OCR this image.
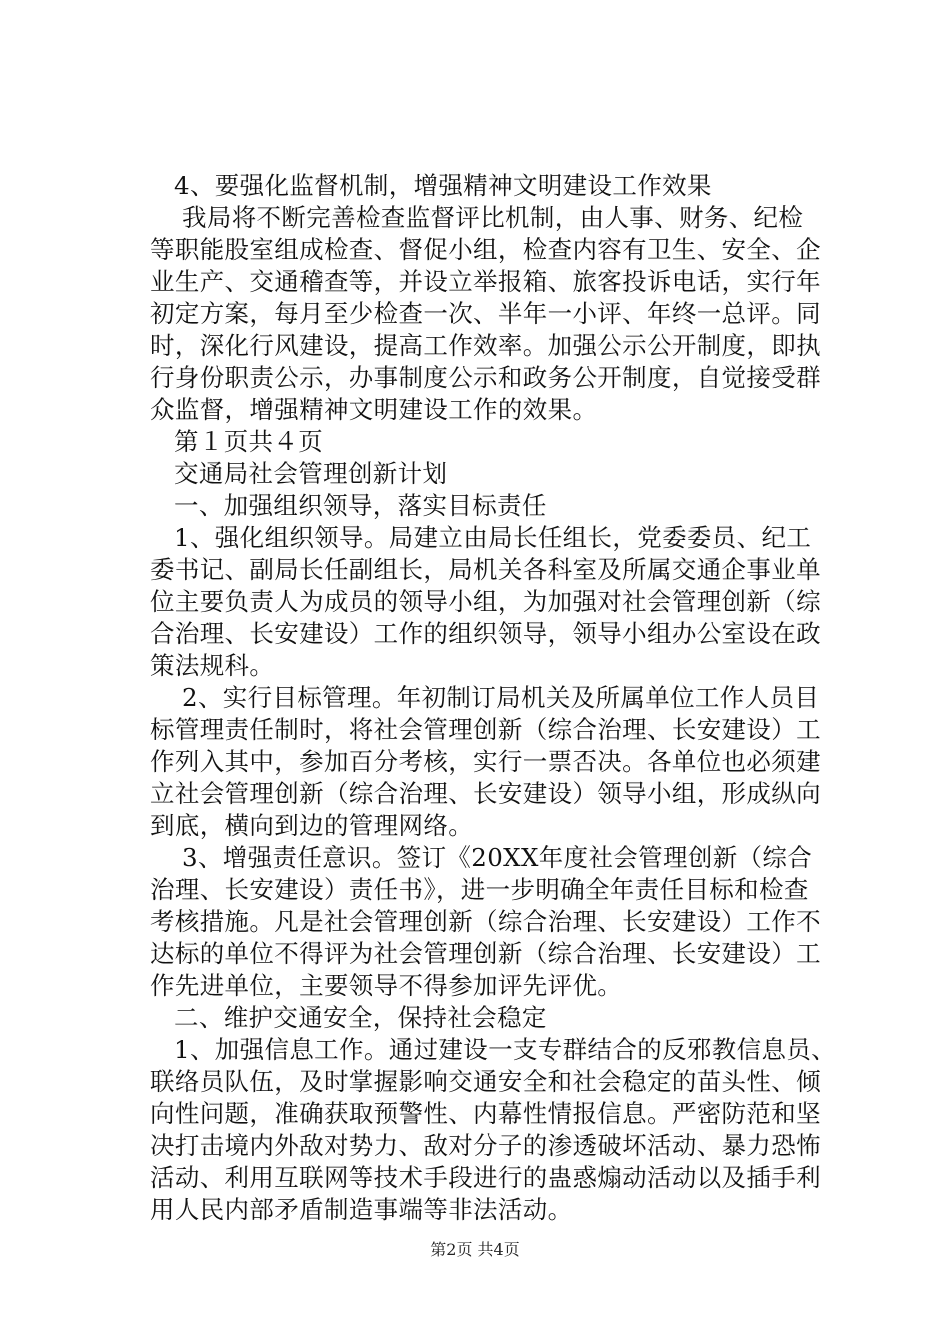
4、要强化监督机制，增强精神文明建设工作效果
我局将不断完善检查监督评比机制，由人事、财务、纪检
等职能股室组成检查、督促小组，检查内容有卫生、安全、企
业生产、交通稽查等，并设立举报箱、旅客投诉电话，实行年
初定方案，每月至少检查一次、半年一小评、年终一总评。同
时，深化行风建设，提高工作效率。加强公示公开制度，即执
行身份职责公示，办事制度公示和政务公开制度，自觉接受群
众监督，增强精神文明建设工作的效果。
第１页共４页
交通局社会管理创新计划
一、加强组织领导，落实目标责任
1、强化组织领导。局建立由局长任组长，党委委员、纪工
委书记、副局长任副组长，局机关各科室及所属交通企事业单
位主要负责人为成员的领导小组，为加强对社会管理创新（综
合治理、长安建设）工作的组织领导，领导小组办公室设在政
策法规科。
2、实行目标管理。年初制订局机关及所属单位工作人员目
标管理责任制时，将社会管理创新（综合治理、长安建设）工
作列入其中，参加百分考核，实行一票否决。各单位也必须建
立社会管理创新（综合治理、长安建设）领导小组，形成纵向
到底，横向到边的管理网络。
3、增强责任意识。签订《20XX年度社会管理创新（综合
治理、长安建设）责任书》，进一步明确全年责任目标和检查
考核措施。凡是社会管理创新（综合治理、长安建设）工作不
达标的单位不得评为社会管理创新（综合治理、长安建设）工
作先进单位，主要领导不得参加评先评优。
二、维护交通安全，保持社会稳定
1、加强信息工作。通过建设一支专群结合的反邪教信息员、
联络员队伍，及时掌握影响交通安全和社会稳定的苗头性、倾
向性问题，准确获取预警性、内幕性情报信息。严密防范和坚
决打击境内外敌对势力、敌对分子的渗透破坏活动、暴力恐怖
活动、利用互联网等技术手段进行的蛊惑煽动活动以及插手利
用人民内部矛盾制造事端等非法活动。
第2页 共4页
